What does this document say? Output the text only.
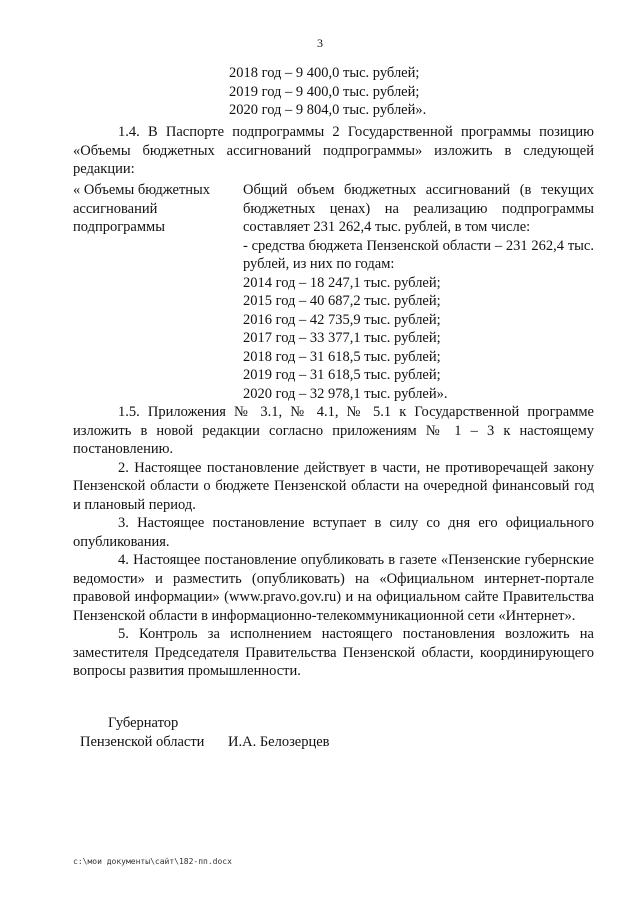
3
2018 год – 9 400,0 тыс. рублей;
2019 год – 9 400,0 тыс. рублей;
2020 год – 9 804,0 тыс. рублей».

1.4. В Паспорте подпрограммы 2 Государственной программы позицию «Объемы бюджетных ассигнований подпрограммы» изложить в следующей редакции:

« Объемы бюджетных ассигнований подпрограммы
Общий объем бюджетных ассигнований (в текущих бюджетных ценах) на реализацию подпрограммы составляет 231 262,4 тыс. рублей, в том числе:
- средства бюджета Пензенской области – 231 262,4 тыс. рублей, из них по годам:
2014 год – 18 247,1 тыс. рублей;
2015 год – 40 687,2 тыс. рублей;
2016 год – 42 735,9 тыс. рублей;
2017 год – 33 377,1 тыс. рублей;
2018 год – 31 618,5 тыс. рублей;
2019 год – 31 618,5 тыс. рублей;
2020 год – 32 978,1 тыс. рублей».

1.5. Приложения № 3.1, № 4.1, № 5.1 к Государственной программе изложить в новой редакции согласно приложениям № 1 – 3 к настоящему постановлению.

2. Настоящее постановление действует в части, не противоречащей закону Пензенской области о бюджете Пензенской области на очередной финансовый год и плановый период.

3. Настоящее постановление вступает в силу со дня его официального опубликования.

4. Настоящее постановление опубликовать в газете «Пензенские губернские ведомости» и разместить (опубликовать) на «Официальном интернет-портале правовой информации» (www.pravo.gov.ru) и на официальном сайте Правительства Пензенской области в информационно-телекоммуникационной сети «Интернет».

5. Контроль за исполнением настоящего постановления возложить на заместителя Председателя Правительства Пензенской области, координирующего вопросы развития промышленности.

Губернатор
Пензенской области И.А. Белозерцев
c:\мои документы\сайт\182-пп.docx
